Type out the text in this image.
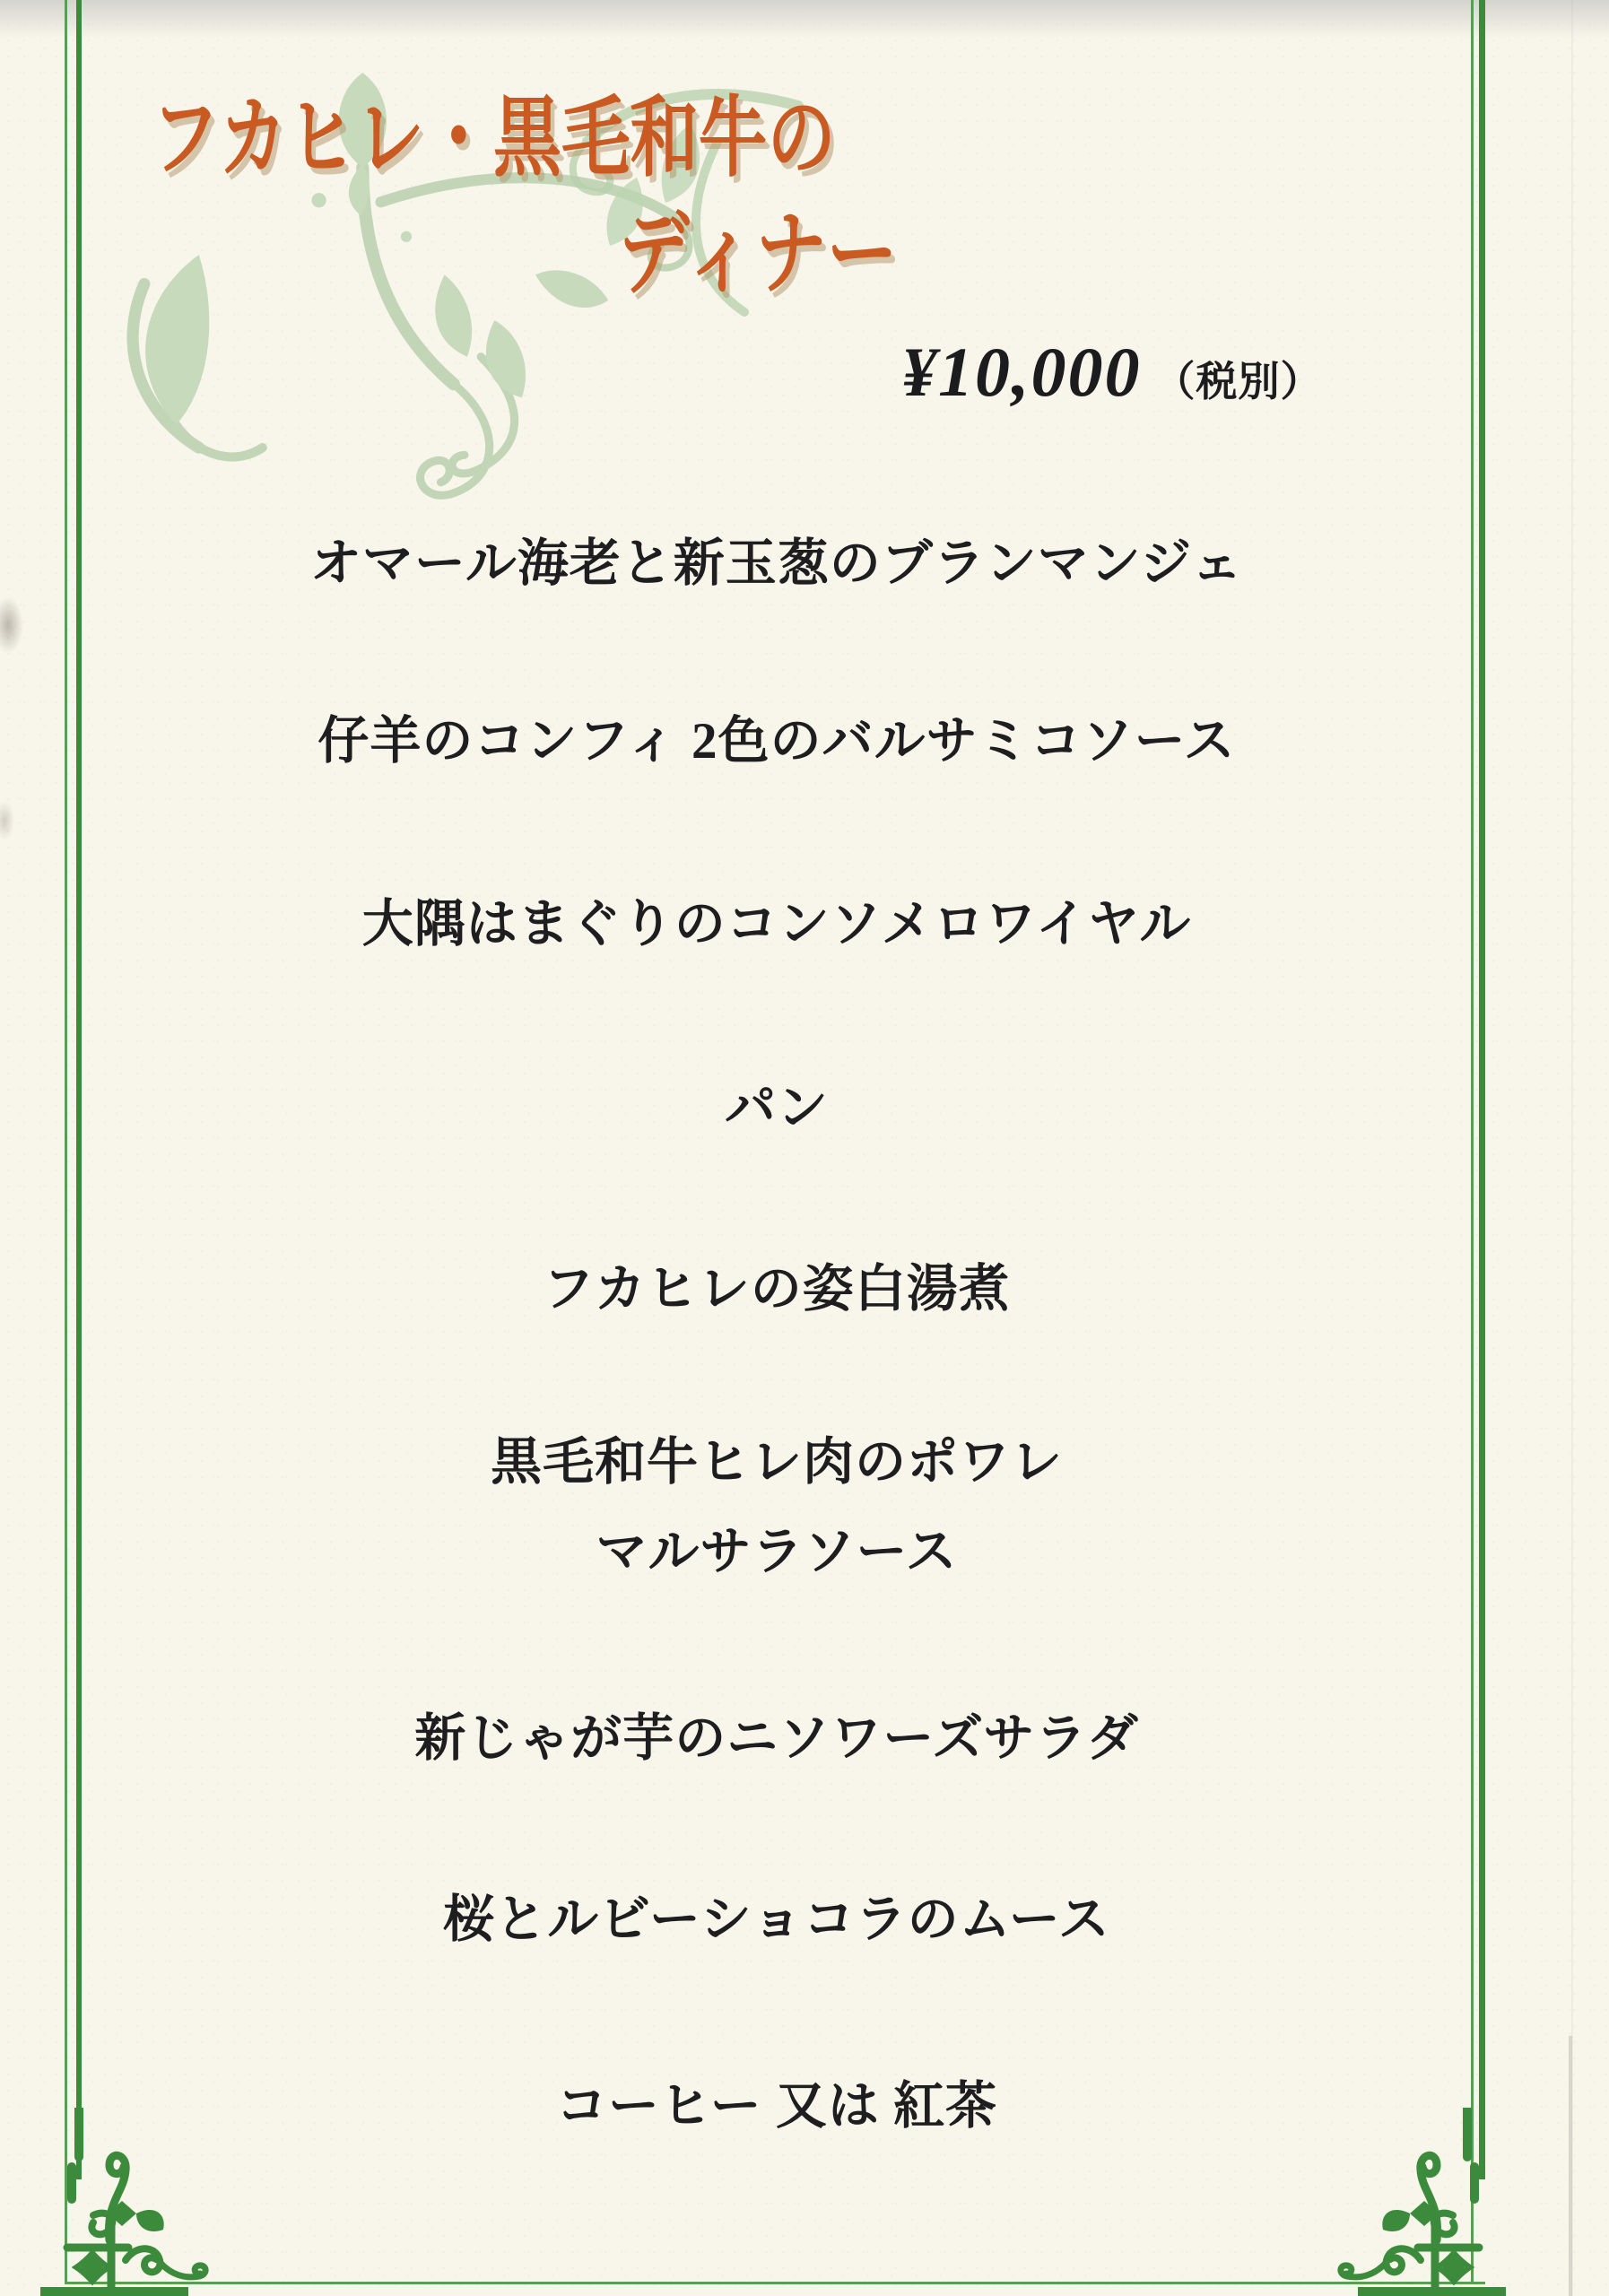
フカヒレ・黒毛和牛の
ディナー
¥10,000 （税別）
オマール海老と新玉葱のブランマンジェ
仔羊のコンフィ 2色のバルサミコソース
大隅はまぐりのコンソメロワイヤル
パン
フカヒレの姿白湯煮
黒毛和牛ヒレ肉のポワレ
マルサラソース
新じゃが芋のニソワーズサラダ
桜とルビーショコラのムース
コーヒー 又は 紅茶
